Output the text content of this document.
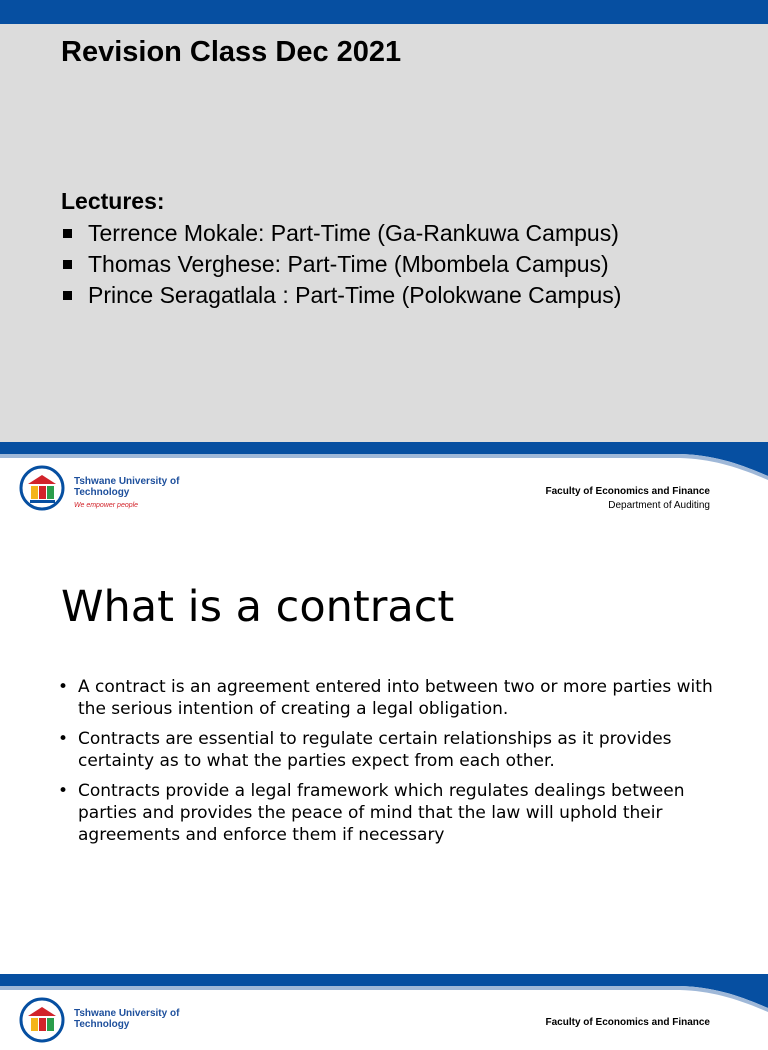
Revision Class Dec 2021
Lectures:
Terrence Mokale: Part-Time (Ga-Rankuwa Campus)
Thomas Verghese: Part-Time (Mbombela Campus)
Prince Seragatlala : Part-Time (Polokwane Campus)
Tshwane University of Technology
We empower people
Faculty of Economics and Finance
Department of Auditing
What is a contract
• A contract is an agreement entered into between two or more parties with the serious intention of creating a legal obligation.
• Contracts are essential to regulate certain relationships as it provides certainty as to what the parties expect from each other.
• Contracts provide a legal framework which regulates dealings between parties and provides the peace of mind that the law will uphold their agreements and enforce them if necessary
Tshwane University of Technology	Faculty of Economics and Finance
